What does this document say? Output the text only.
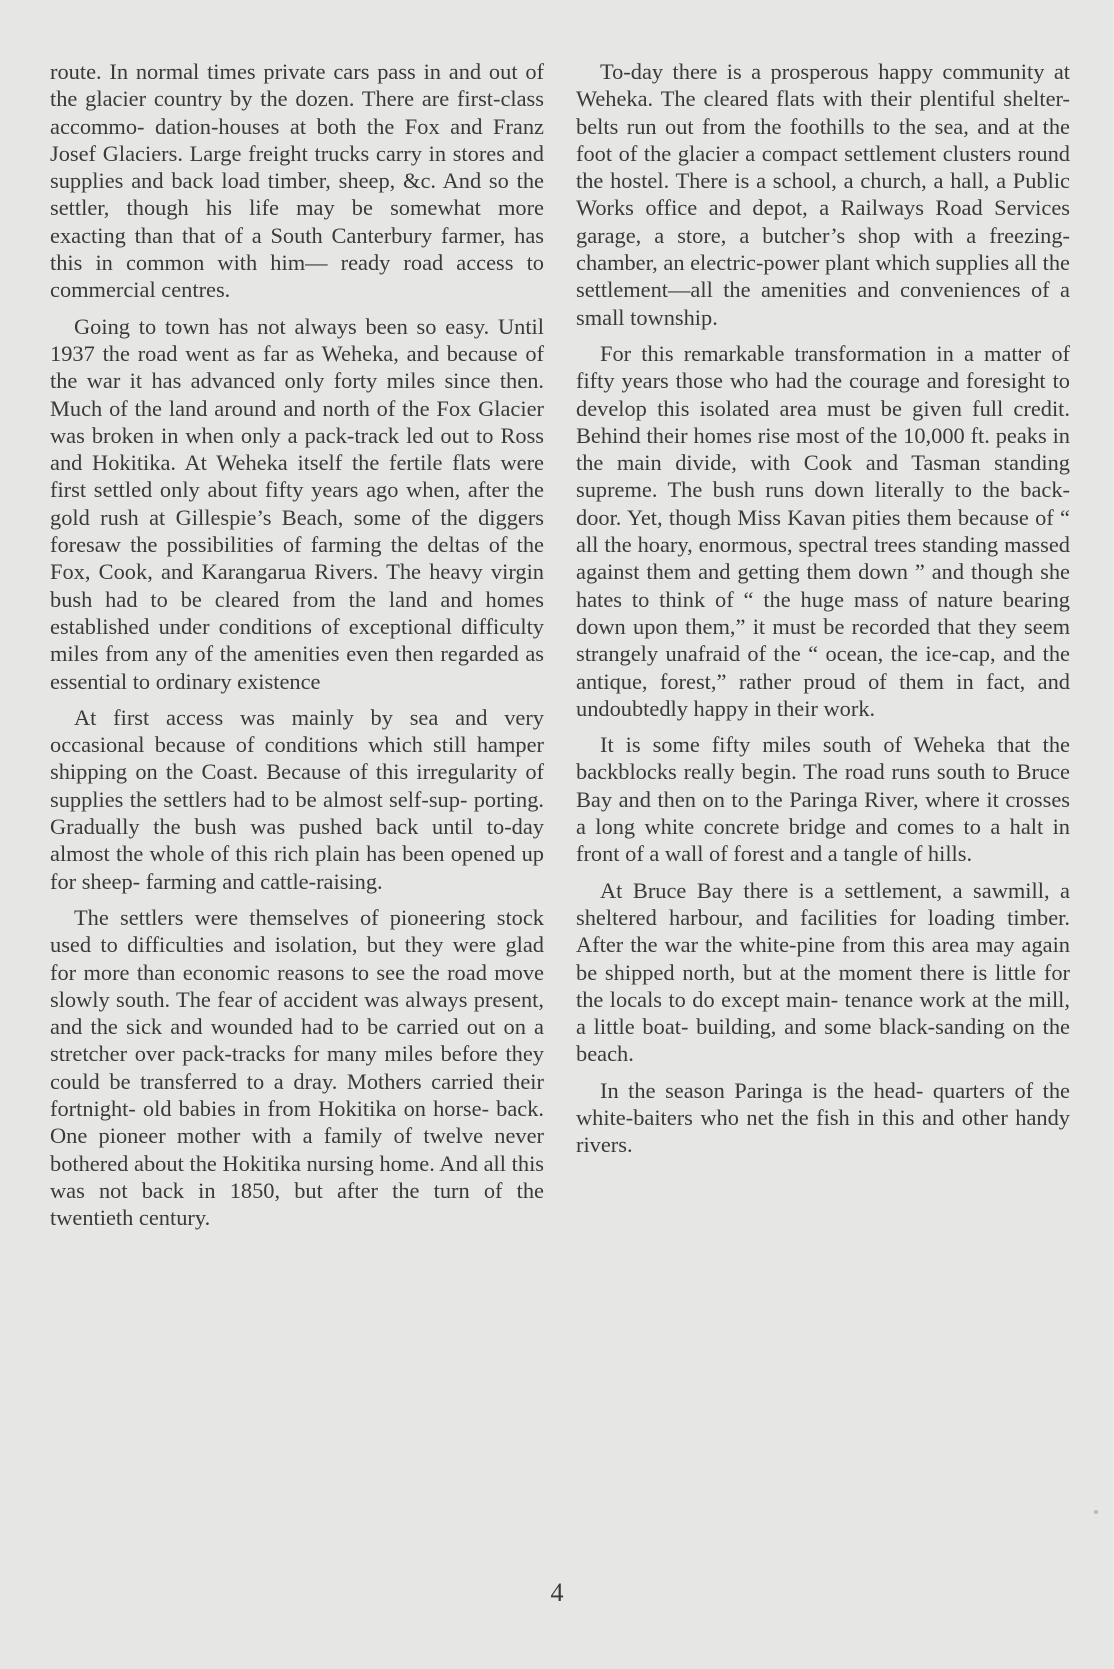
route. In normal times private cars pass in and out of the glacier country by the dozen. There are first-class accommo- dation-houses at both the Fox and Franz Josef Glaciers. Large freight trucks carry in stores and supplies and back load timber, sheep, &c. And so the settler, though his life may be somewhat more exacting than that of a South Canterbury farmer, has this in common with him— ready road access to commercial centres.

Going to town has not always been so easy. Until 1937 the road went as far as Weheka, and because of the war it has advanced only forty miles since then. Much of the land around and north of the Fox Glacier was broken in when only a pack-track led out to Ross and Hokitika. At Weheka itself the fertile flats were first settled only about fifty years ago when, after the gold rush at Gillespie’s Beach, some of the diggers foresaw the possibilities of farming the deltas of the Fox, Cook, and Karangarua Rivers. The heavy virgin bush had to be cleared from the land and homes established under conditions of exceptional difficulty miles from any of the amenities even then regarded as essential to ordinary existence

At first access was mainly by sea and very occasional because of conditions which still hamper shipping on the Coast. Because of this irregularity of supplies the settlers had to be almost self-sup- porting. Gradually the bush was pushed back until to-day almost the whole of this rich plain has been opened up for sheep- farming and cattle-raising.

The settlers were themselves of pioneering stock used to difficulties and isolation, but they were glad for more than economic reasons to see the road move slowly south. The fear of accident was always present, and the sick and wounded had to be carried out on a stretcher over pack-tracks for many miles before they could be transferred to a dray. Mothers carried their fortnight- old babies in from Hokitika on horse- back. One pioneer mother with a family of twelve never bothered about the Hokitika nursing home. And all this was not back in 1850, but after the turn of the twentieth century.

To-day there is a prosperous happy community at Weheka. The cleared flats with their plentiful shelter-belts run out from the foothills to the sea, and at the foot of the glacier a compact settlement clusters round the hostel. There is a school, a church, a hall, a Public Works office and depot, a Railways Road Services garage, a store, a butcher’s shop with a freezing-chamber, an electric-power plant which supplies all the settlement—all the amenities and conveniences of a small township.

For this remarkable transformation in a matter of fifty years those who had the courage and foresight to develop this isolated area must be given full credit. Behind their homes rise most of the 10,000 ft. peaks in the main divide, with Cook and Tasman standing supreme. The bush runs down literally to the back-door. Yet, though Miss Kavan pities them because of “ all the hoary, enormous, spectral trees standing massed against them and getting them down ” and though she hates to think of “ the huge mass of nature bearing down upon them,” it must be recorded that they seem strangely unafraid of the “ ocean, the ice-cap, and the antique, forest,” rather proud of them in fact, and undoubtedly happy in their work.

It is some fifty miles south of Weheka that the backblocks really begin. The road runs south to Bruce Bay and then on to the Paringa River, where it crosses a long white concrete bridge and comes to a halt in front of a wall of forest and a tangle of hills.

At Bruce Bay there is a settlement, a sawmill, a sheltered harbour, and facilities for loading timber. After the war the white-pine from this area may again be shipped north, but at the moment there is little for the locals to do except main- tenance work at the mill, a little boat- building, and some black-sanding on the beach.

In the season Paringa is the head- quarters of the white-baiters who net the fish in this and other handy rivers.

4
